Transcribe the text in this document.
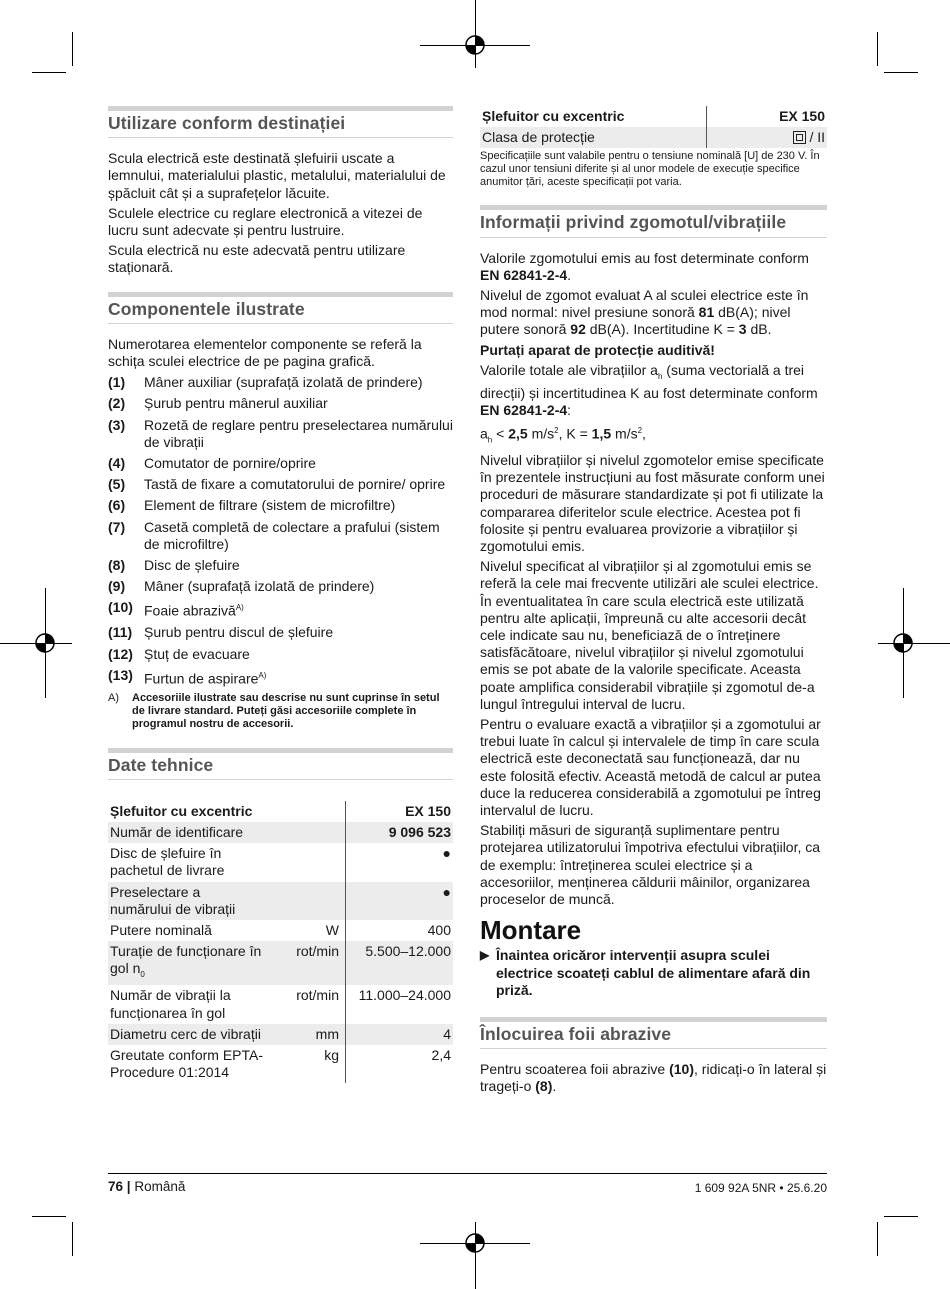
Utilizare conform destinației

Scula electrică este destinată șlefuirii uscate a lemnului, materialului plastic, metalului, materialului de șpăcluit cât și a suprafețelor lăcuite.

Sculele electrice cu reglare electronică a vitezei de lucru sunt adecvate și pentru lustruire.

Scula electrică nu este adecvată pentru utilizare staționară.

Componentele ilustrate

Numerotarea elementelor componente se referă la schița sculei electrice de pe pagina grafică.

(1)	Mâner auxiliar (suprafață izolată de prindere)
(2)	Șurub pentru mânerul auxiliar
(3)	Rozetă de reglare pentru preselectarea numărului de vibrații
(4)	Comutator de pornire/oprire
(5)	Tastă de fixare a comutatorului de pornire/ oprire
(6)	Element de filtrare (sistem de microfiltre)
(7)	Casetă completă de colectare a prafului (sistem de microfiltre)
(8)	Disc de șlefuire
(9)	Mâner (suprafață izolată de prindere)
(10) Foaie abrazivă$^{A)}$
(11) Șurub pentru discul de șlefuire
(12) Ștuț de evacuare
(13) Furtun de aspirare$^{A)}$
A)	Accesoriile ilustrate sau descrise nu sunt cuprinse în setul de livrare standard. Puteți găsi accesoriile complete în programul nostru de accesorii.
Date tehnice
Șlefuitor cu excentric		EX 150
Număr de identificare		9 096 523
Disc de șlefuire în pachetul de livrare		●
Preselectare a numărului de vibrații		●
Putere nominală	W	400
Turație de funcționare în gol $n_0$	rot/min	5.500–12.000
Număr de vibrații la funcționarea în gol	rot/min	11.000–24.000
Diametru cerc de vibrații	mm	4
Greutate conform EPTA-Procedure 01:2014	kg	2,4
Șlefuitor cu excentric	EX 150
Clasa de protecție	/ II
Specificațiile sunt valabile pentru o tensiune nominală [U] de 230 V. În cazul unor tensiuni diferite și al unor modele de execuție specifice anumitor țări, aceste specificații pot varia.
Informații privind zgomotul/vibrațiile

Valorile zgomotului emis au fost determinate conform EN 62841-2-4.

Nivelul de zgomot evaluat A al sculei electrice este în mod normal: nivel presiune sonoră 81 dB(A); nivel putere sonoră 92 dB(A). Incertitudine K = 3 dB.

Purtați aparat de protecție auditivă!

Valorile totale ale vibrațiilor $a_h$ (suma vectorială a trei direcții) și incertitudinea K au fost determinate conform EN 62841-2-4:

$a_h < 2,5$ $m/s^2$, K = 1,5 $m/s^2$,

Nivelul vibrațiilor și nivelul zgomotelor emise specificate în prezentele instrucțiuni au fost măsurate conform unei proceduri de măsurare standardizate și pot fi utilizate la compararea diferitelor scule electrice. Acestea pot fi folosite și pentru evaluarea provizorie a vibrațiilor și zgomotului emis.

Nivelul specificat al vibrațiilor și al zgomotului emis se referă la cele mai frecvente utilizări ale sculei electrice. În eventualitatea în care scula electrică este utilizată pentru alte aplicații, împreună cu alte accesorii decât cele indicate sau nu, beneficiază de o întreținere satisfăcătoare, nivelul vibrațiilor și nivelul zgomotului emis se pot abate de la valorile specificate. Aceasta poate amplifica considerabil vibrațiile și zgomotul de-a lungul întregului interval de lucru.

Pentru o evaluare exactă a vibrațiilor și a zgomotului ar trebui luate în calcul și intervalele de timp în care scula electrică este deconectată sau funcționează, dar nu este folosită efectiv. Această metodă de calcul ar putea duce la reducerea considerabilă a zgomotului pe întreg intervalul de lucru.

Stabiliți măsuri de siguranță suplimentare pentru protejarea utilizatorului împotriva efectului vibrațiilor, ca de exemplu: întreținerea sculei electrice și a accesoriilor, menținerea căldurii mâinilor, organizarea proceselor de muncă.

Montare
▶ Înaintea oricăror intervenții asupra sculei electrice scoateți cablul de alimentare afară din priză.
Înlocuirea foii abrazive

Pentru scoaterea foii abrazive (10), ridicați-o în lateral și trageți-o (8).

76 | Română	1 609 92A 5NR • 25.6.20
